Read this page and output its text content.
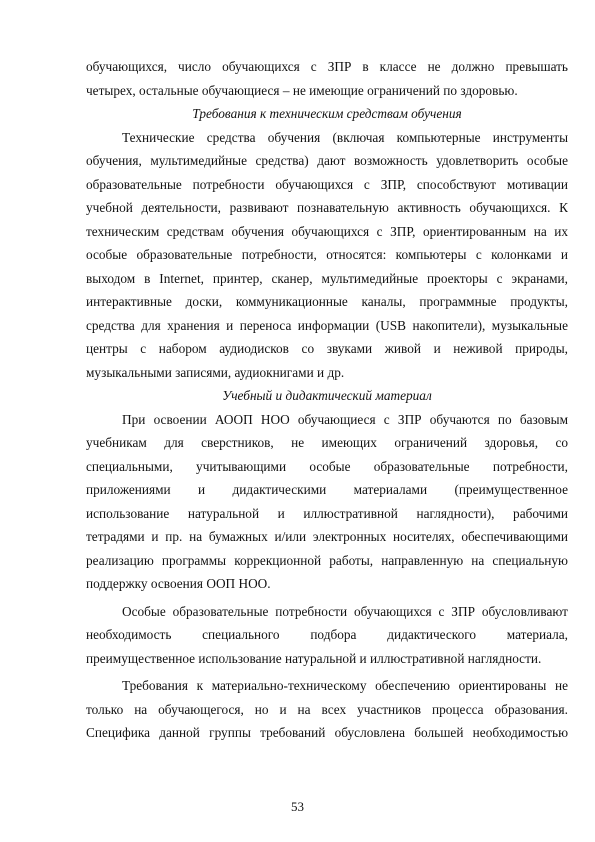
обучающихся, число обучающихся с ЗПР в классе не должно превышать
четырех, остальные обучающиеся – не имеющие ограничений по здоровью.
Требования к техническим средствам обучения
Технические средства обучения (включая компьютерные инструменты
обучения, мультимедийные средства) дают возможность удовлетворить особые
образовательные потребности обучающихся с ЗПР, способствуют мотивации
учебной деятельности, развивают познавательную активность обучающихся. К
техническим средствам обучения обучающихся с ЗПР, ориентированным на их
особые образовательные потребности, относятся: компьютеры с колонками и
выходом в Internet, принтер, сканер, мультимедийные проекторы с экранами,
интерактивные доски, коммуникационные каналы, программные продукты,
средства для хранения и переноса информации (USB накопители), музыкальные
центры с набором аудиодисков со звуками живой и неживой природы,
музыкальными записями, аудиокнигами и др.
Учебный и дидактический материал
При освоении АООП НОО обучающиеся с ЗПР обучаются по базовым
учебникам для сверстников, не имеющих ограничений здоровья, со
специальными, учитывающими особые образовательные потребности,
приложениями и дидактическими материалами (преимущественное
использование натуральной и иллюстративной наглядности), рабочими
тетрадями и пр. на бумажных и/или электронных носителях, обеспечивающими
реализацию программы коррекционной работы, направленную на специальную
поддержку освоения ООП НОО.
Особые образовательные потребности обучающихся с ЗПР обусловливают
необходимость специального подбора дидактического материала,
преимущественное использование натуральной и иллюстративной наглядности.
Требования к материально-техническому обеспечению ориентированы не
только на обучающегося, но и на всех участников процесса образования.
Специфика данной группы требований обусловлена большей необходимостью
53
